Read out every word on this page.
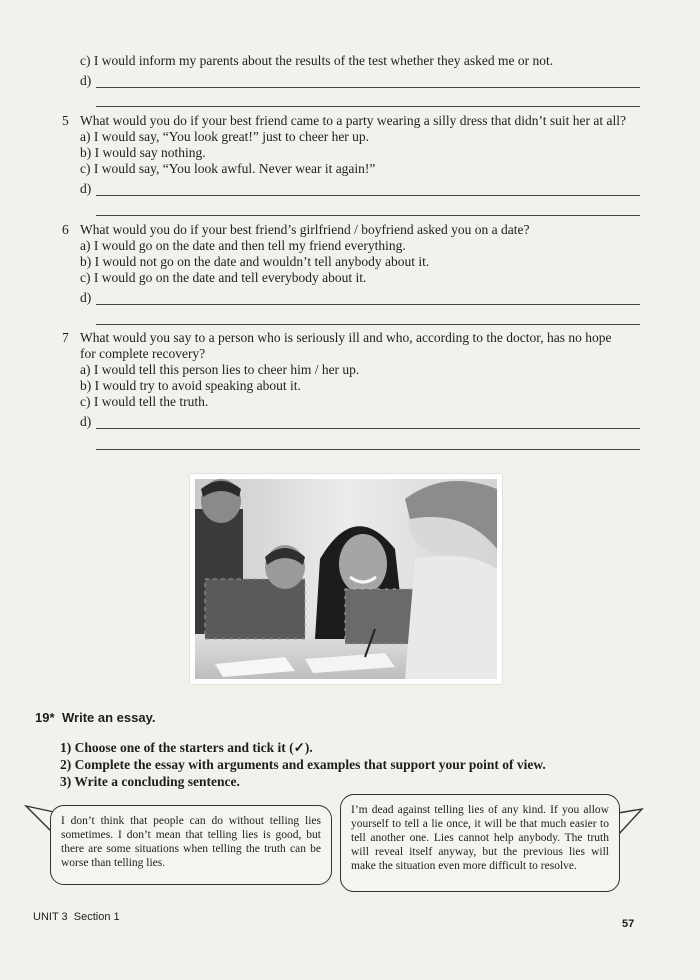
c) I would inform my parents about the results of the test whether they asked me or not.
d)
5 What would you do if your best friend came to a party wearing a silly dress that didn’t suit her at all?
a) I would say, “You look great!” just to cheer her up.
b) I would say nothing.
c) I would say, “You look awful. Never wear it again!”
d)
6 What would you do if your best friend’s girlfriend / boyfriend asked you on a date?
a) I would go on the date and then tell my friend everything.
b) I would not go on the date and wouldn’t tell anybody about it.
c) I would go on the date and tell everybody about it.
d)
7 What would you say to a person who is seriously ill and who, according to the doctor, has no hope
for complete recovery?
a) I would tell this person lies to cheer him / her up.
b) I would try to avoid speaking about it.
c) I would tell the truth.
d)
19* Write an essay.
1) Choose one of the starters and tick it (✓).
2) Complete the essay with arguments and examples that support your point of view.
3) Write a concluding sentence.
I don’t think that people can do without telling lies sometimes. I don’t mean that telling lies is good, but there are some situations when telling the truth can be worse than telling lies.
I’m dead against telling lies of any kind. If you allow yourself to tell a lie once, it will be that much easier to tell another one. Lies cannot help anybody. The truth will reveal itself anyway, but the previous lies will make the situation even more difficult to resolve.
UNIT 3 Section 1
57
